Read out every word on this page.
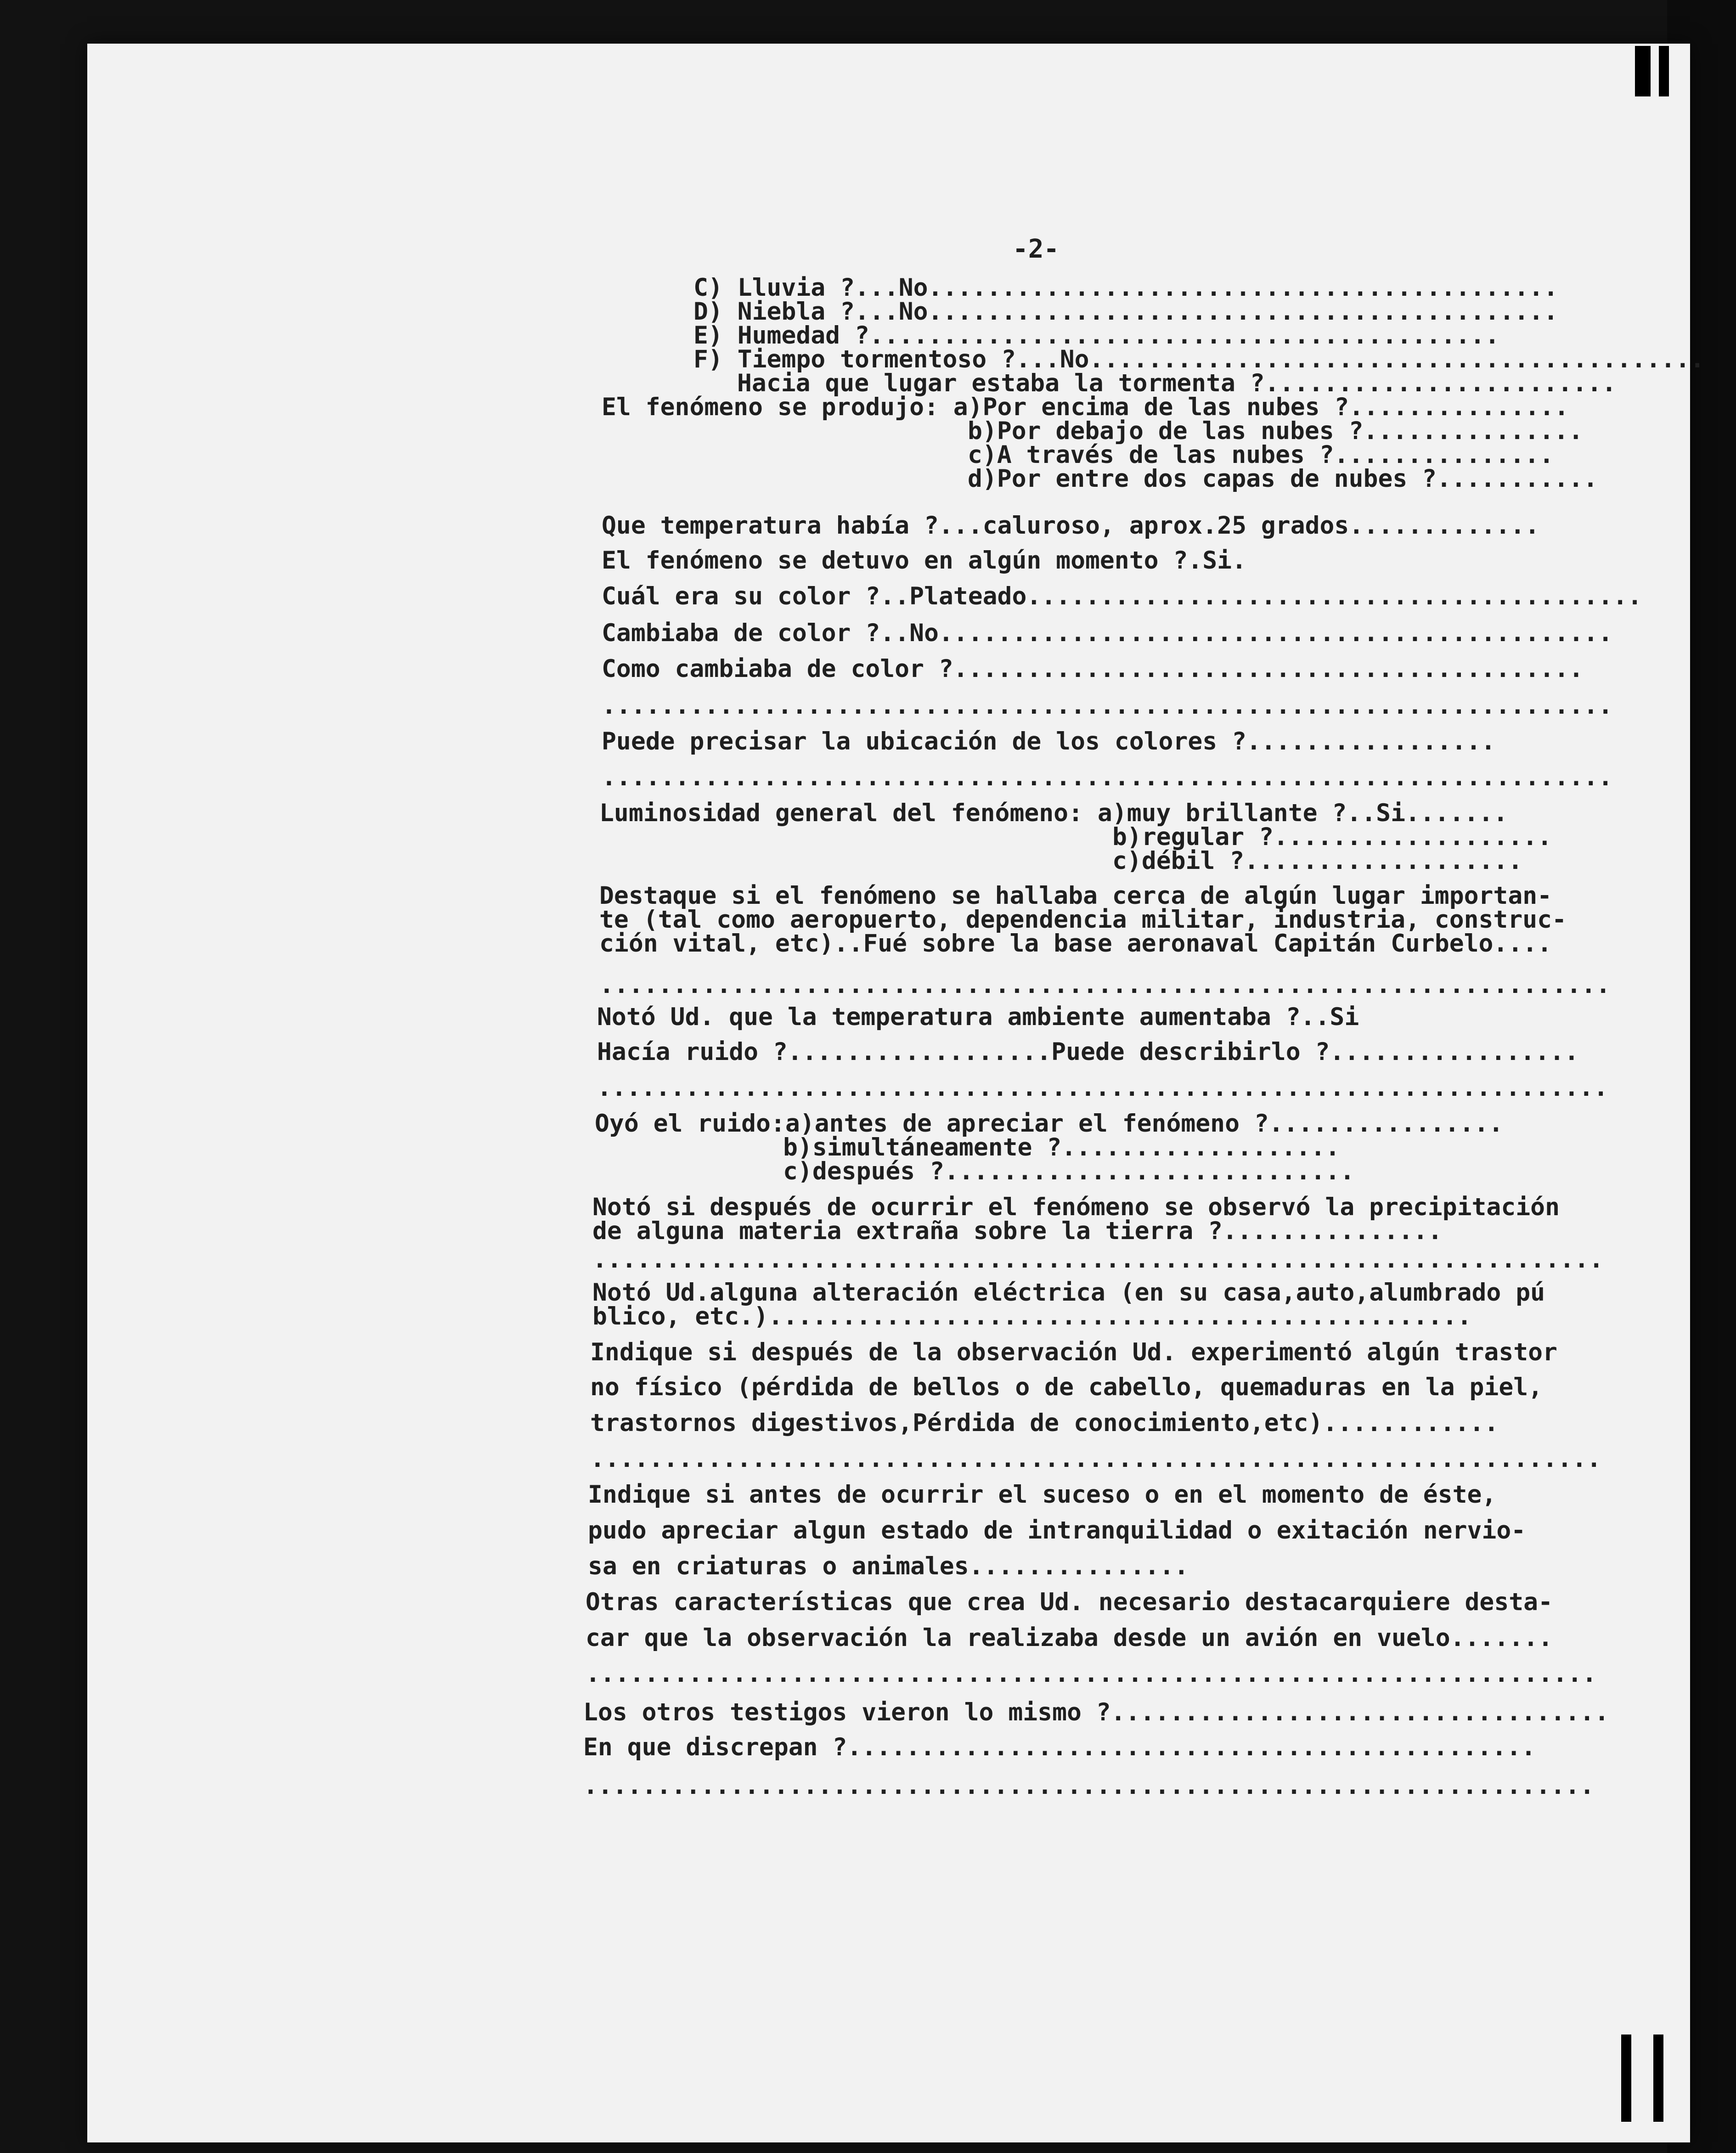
-2-
C) Lluvia ?...No...........................................
D) Niebla ?...No...........................................
E) Humedad ?...........................................
F) Tiempo tormentoso ?...No..........................................
Hacia que lugar estaba la tormenta ?........................
El fenómeno se produjo: a)Por encima de las nubes ?...............
b)Por debajo de las nubes ?...............
c)A través de las nubes ?...............
d)Por entre dos capas de nubes ?...........
Que temperatura había ?...caluroso, aprox.25 grados.............
El fenómeno se detuvo en algún momento ?.Si.
Cuál era su color ?..Plateado..........................................
Cambiaba de color ?..No..............................................
Como cambiaba de color ?...........................................
.....................................................................
Puede precisar la ubicación de los colores ?.................
.....................................................................
Luminosidad general del fenómeno: a)muy brillante ?..Si.......
b)regular ?...................
c)débil ?...................
Destaque si el fenómeno se hallaba cerca de algún lugar importan-
te (tal como aeropuerto, dependencia militar, industria, construc-
ción vital, etc)..Fué sobre la base aeronaval Capitán Curbelo....
.....................................................................
Notó Ud. que la temperatura ambiente aumentaba ?..Si
Hacía ruido ?..................Puede describirlo ?.................
.....................................................................
Oyó el ruido:a)antes de apreciar el fenómeno ?................
b)simultáneamente ?...................
c)después ?............................
Notó si después de ocurrir el fenómeno se observó la precipitación
de alguna materia extraña sobre la tierra ?...............
.....................................................................
Notó Ud.alguna alteración eléctrica (en su casa,auto,alumbrado pú
blico, etc.)................................................
Indique si después de la observación Ud. experimentó algún trastor
no físico (pérdida de bellos o de cabello, quemaduras en la piel,
trastornos digestivos,Pérdida de conocimiento,etc)............
.....................................................................
Indique si antes de ocurrir el suceso o en el momento de éste,
pudo apreciar algun estado de intranquilidad o exitación nervio-
sa en criaturas o animales...............
Otras características que crea Ud. necesario destacarquiere desta-
car que la observación la realizaba desde un avión en vuelo.......
.....................................................................
Los otros testigos vieron lo mismo ?..................................
En que discrepan ?...............................................
.....................................................................
